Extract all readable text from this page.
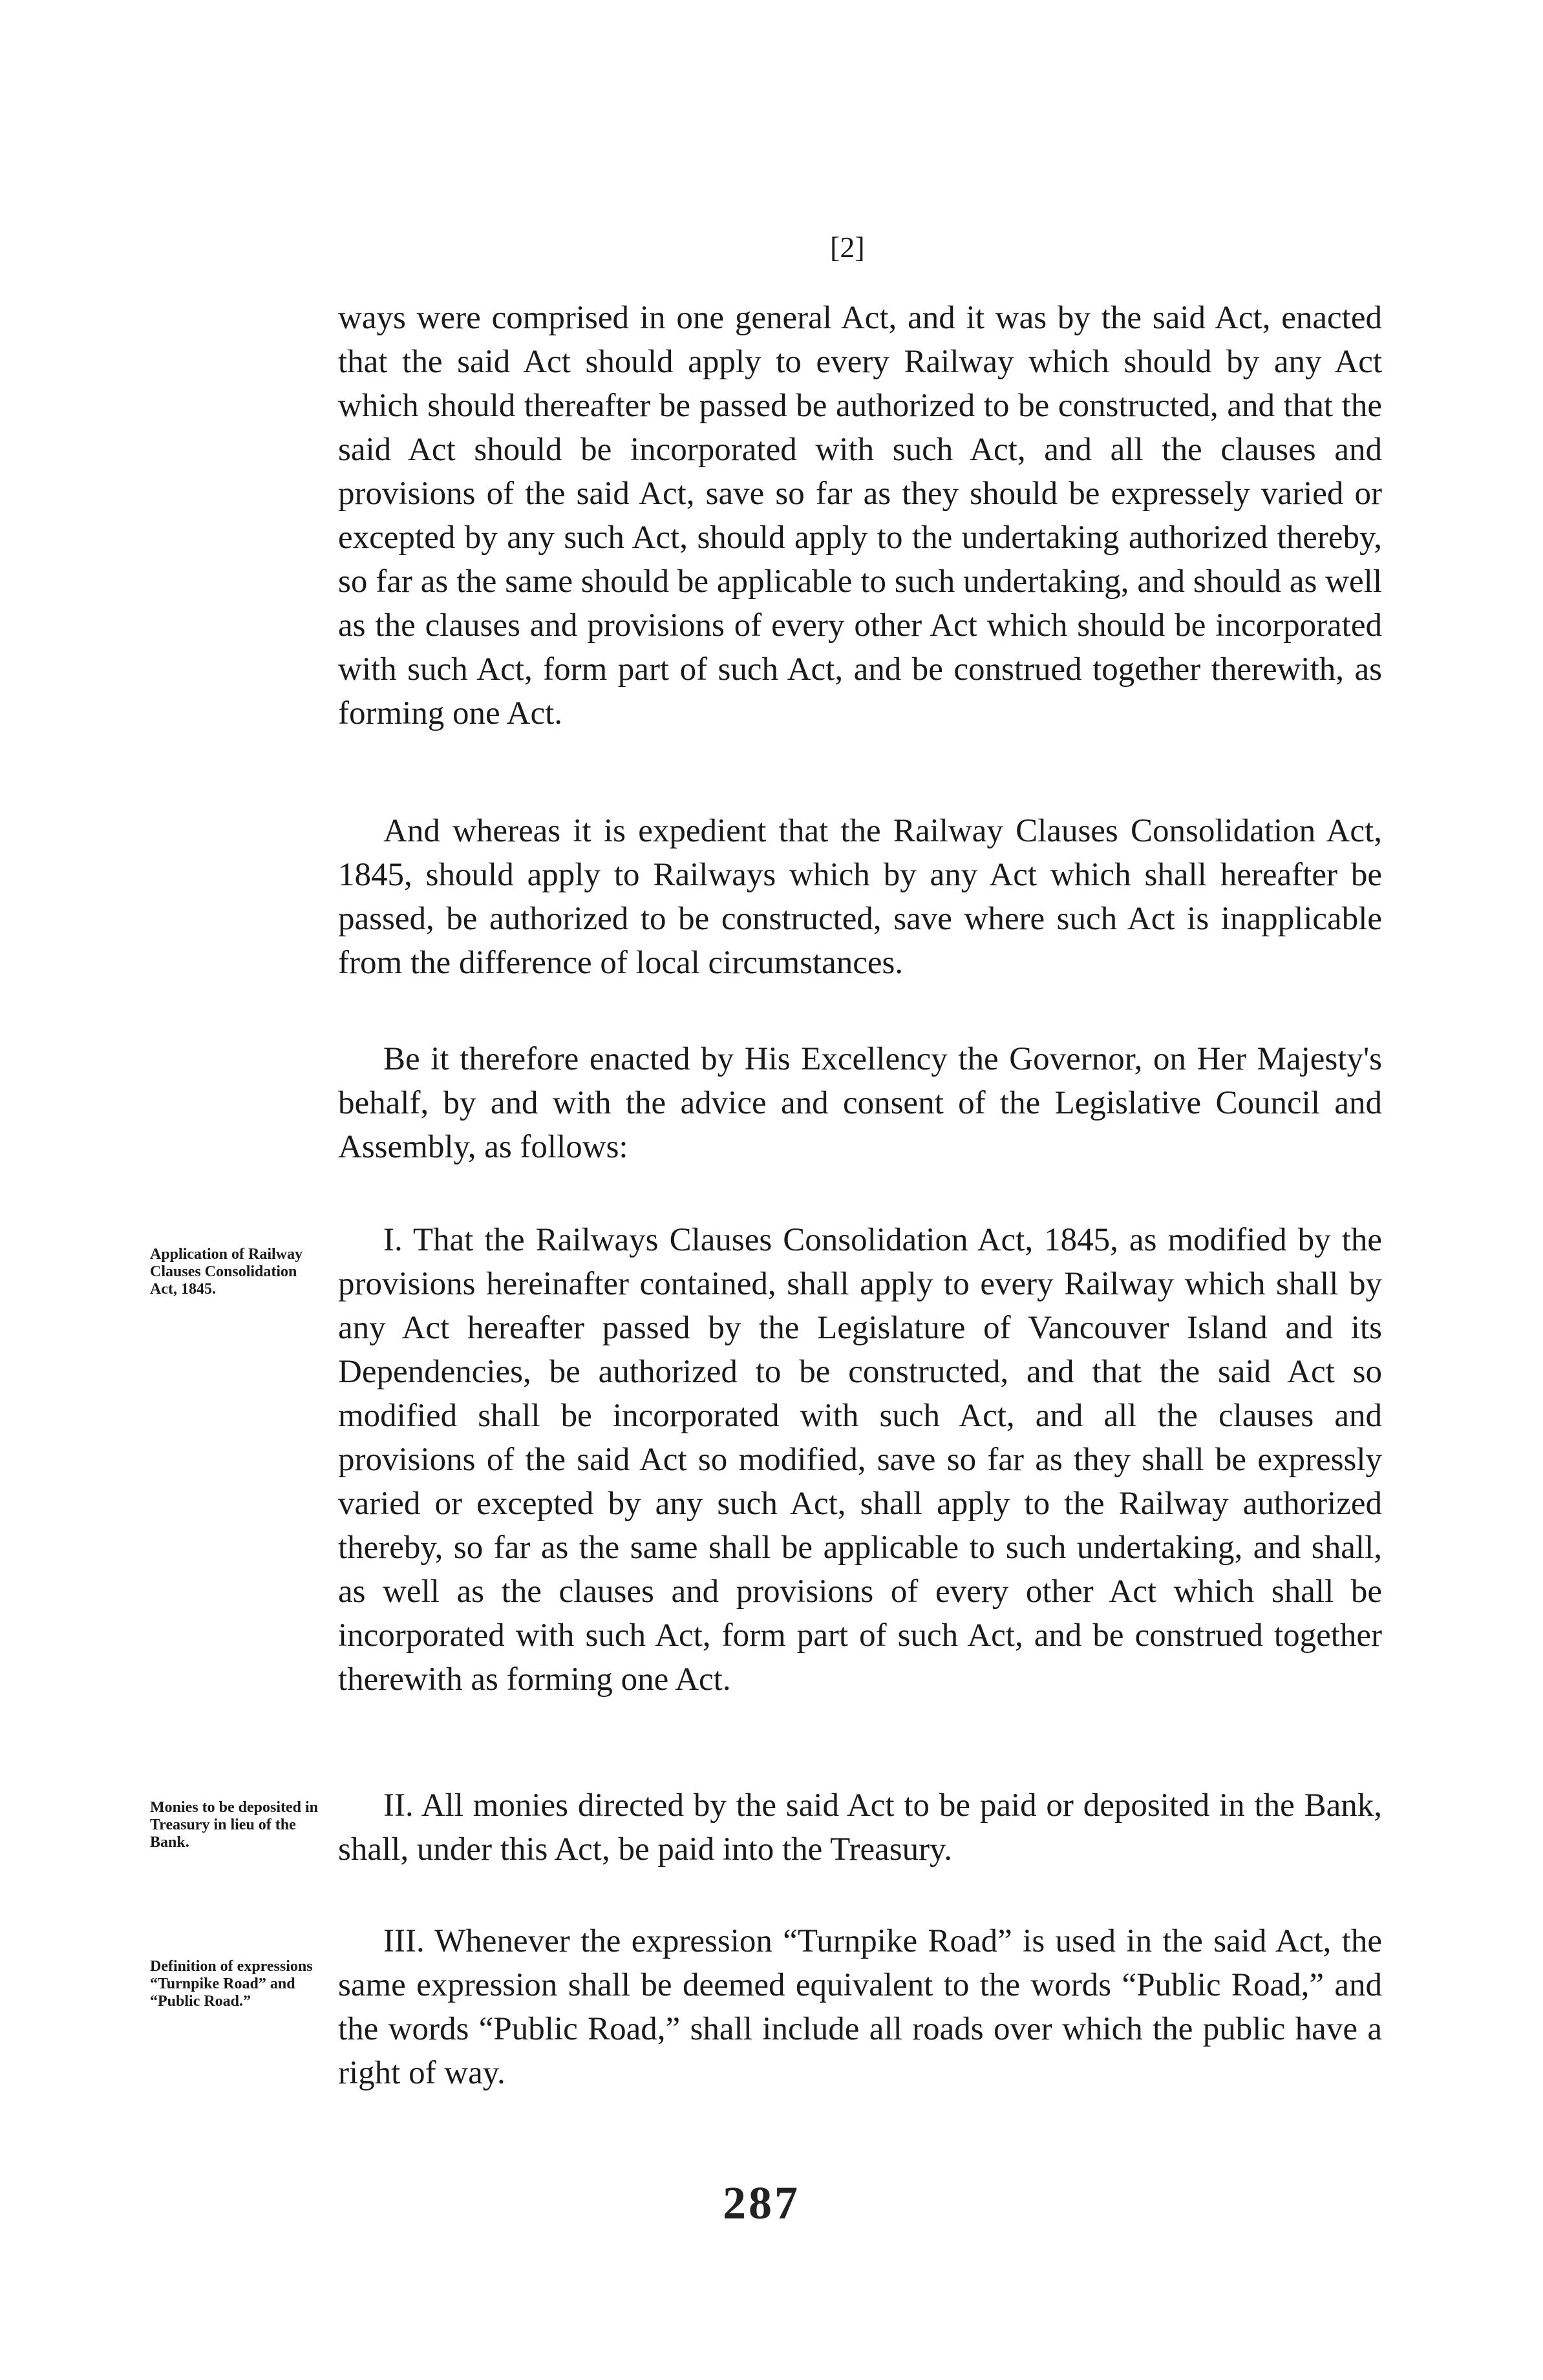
[2]

ways were comprised in one general Act, and it was by the said Act, enacted that the said Act should apply to every Railway which should by any Act which should thereafter be passed be authorized to be constructed, and that the said Act should be incorporated with such Act, and all the clauses and provisions of the said Act, save so far as they should be expressely varied or excepted by any such Act, should apply to the undertaking authorized thereby, so far as the same should be applicable to such undertaking, and should as well as the clauses and provisions of every other Act which should be incorporated with such Act, form part of such Act, and be construed together therewith, as forming one Act.

And whereas it is expedient that the Railway Clauses Consolidation Act, 1845, should apply to Railways which by any Act which shall hereafter be passed, be authorized to be constructed, save where such Act is inapplicable from the difference of local circumstances.

Be it therefore enacted by His Excellency the Governor, on Her Majesty's behalf, by and with the advice and consent of the Legislative Council and Assembly, as follows:

Application of Railway Clauses Consolidation Act, 1845.

I. That the Railways Clauses Consolidation Act, 1845, as modified by the provisions hereinafter contained, shall apply to every Railway which shall by any Act hereafter passed by the Legislature of Vancouver Island and its Dependencies, be authorized to be constructed, and that the said Act so modified shall be incorporated with such Act, and all the clauses and provisions of the said Act so modified, save so far as they shall be expressly varied or excepted by any such Act, shall apply to the Railway authorized thereby, so far as the same shall be applicable to such undertaking, and shall, as well as the clauses and provisions of every other Act which shall be incorporated with such Act, form part of such Act, and be construed together therewith as forming one Act.

Monies to be deposited in Treasury in lieu of the Bank.

II. All monies directed by the said Act to be paid or deposited in the Bank, shall, under this Act, be paid into the Treasury.

Definition of expressions “Turnpike Road” and “Public Road.”

III. Whenever the expression “Turnpike Road” is used in the said Act, the same expression shall be deemed equivalent to the words “Public Road,” and the words “Public Road,” shall include all roads over which the public have a right of way.

287
